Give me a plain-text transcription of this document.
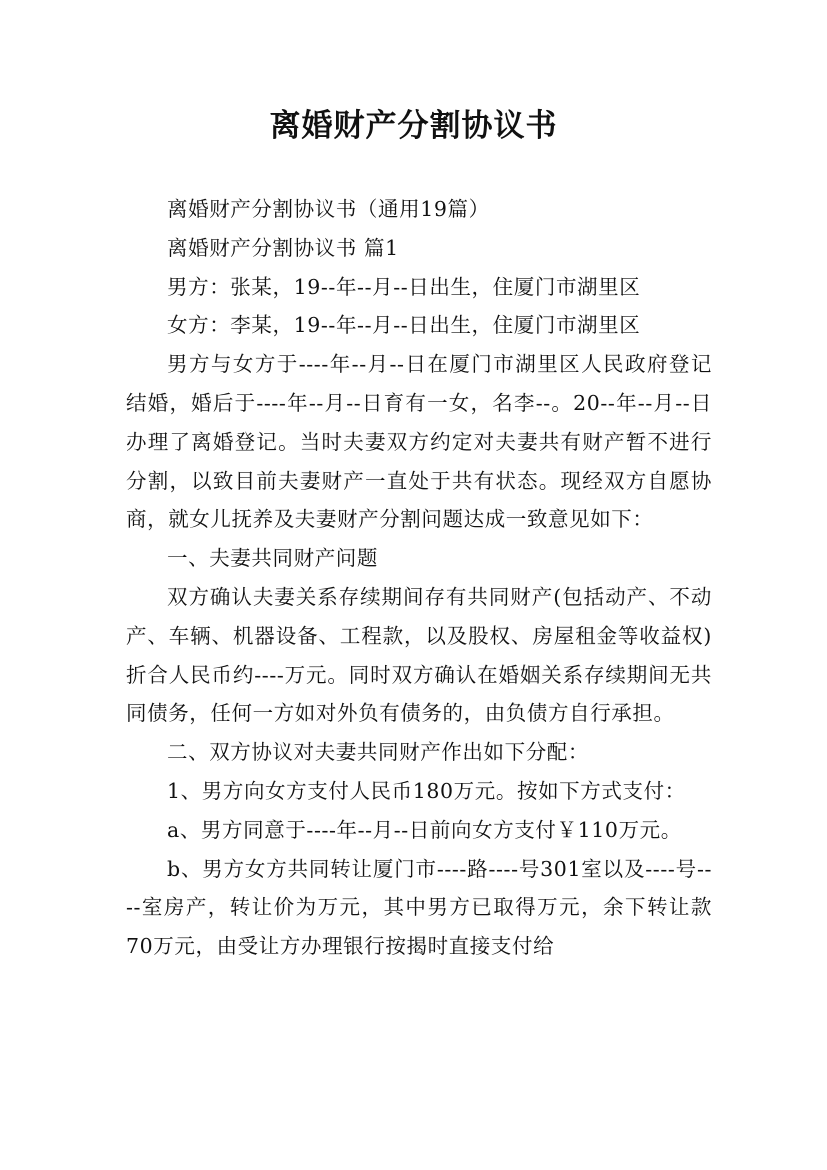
离婚财产分割协议书

离婚财产分割协议书（通用19篇）

离婚财产分割协议书 篇1

男方：张某，19--年--月--日出生，住厦门市湖里区

女方：李某，19--年--月--日出生，住厦门市湖里区

男方与女方于----年--月--日在厦门市湖里区人民政府登记结婚，婚后于----年--月--日育有一女，名李--。20--年--月--日办理了离婚登记。当时夫妻双方约定对夫妻共有财产暂不进行分割，以致目前夫妻财产一直处于共有状态。现经双方自愿协商，就女儿抚养及夫妻财产分割问题达成一致意见如下：

一、夫妻共同财产问题

双方确认夫妻关系存续期间存有共同财产(包括动产、不动产、车辆、机器设备、工程款，以及股权、房屋租金等收益权)折合人民币约----万元。同时双方确认在婚姻关系存续期间无共同债务，任何一方如对外负有债务的，由负债方自行承担。

二、双方协议对夫妻共同财产作出如下分配：

1、男方向女方支付人民币180万元。按如下方式支付：

a、男方同意于----年--月--日前向女方支付￥110万元。

b、男方女方共同转让厦门市----路----号301室以及----号----室房产，转让价为万元，其中男方已取得万元，余下转让款70万元，由受让方办理银行按揭时直接支付给
